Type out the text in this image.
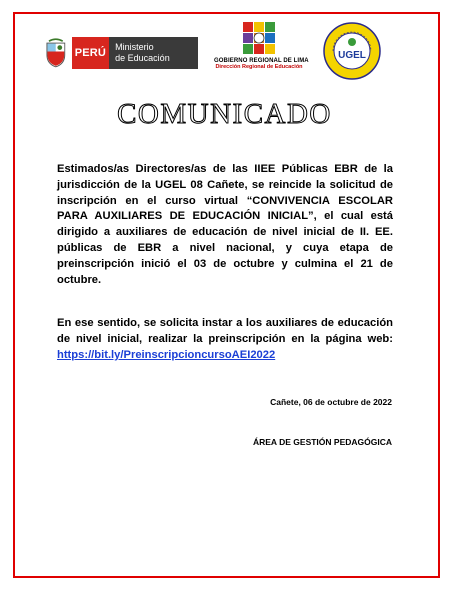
PERÚ	Ministerio
de Educación	GOBIERNO REGIONAL DE LIMA
Dirección Regional de Educación
UGEL
COMUNICADO

Estimados/as Directores/as de las IIEE Públicas EBR de la jurisdicción de la UGEL 08 Cañete, se reincide la solicitud de inscripción en el curso virtual “CONVIVENCIA ESCOLAR PARA AUXILIARES DE EDUCACIÓN INICIAL”, el cual está dirigido a auxiliares de educación de nivel inicial de II. EE. públicas de EBR a nivel nacional, y cuya etapa de preinscripción inició el 03 de octubre y culmina el 21 de octubre.

En ese sentido, se solicita instar a los auxiliares de educación de nivel inicial, realizar la preinscripción en la página web: https://bit.ly/PreinscripcioncursoAEI2022

Cañete, 06 de octubre de 2022
ÁREA DE GESTIÓN PEDAGÓGICA
